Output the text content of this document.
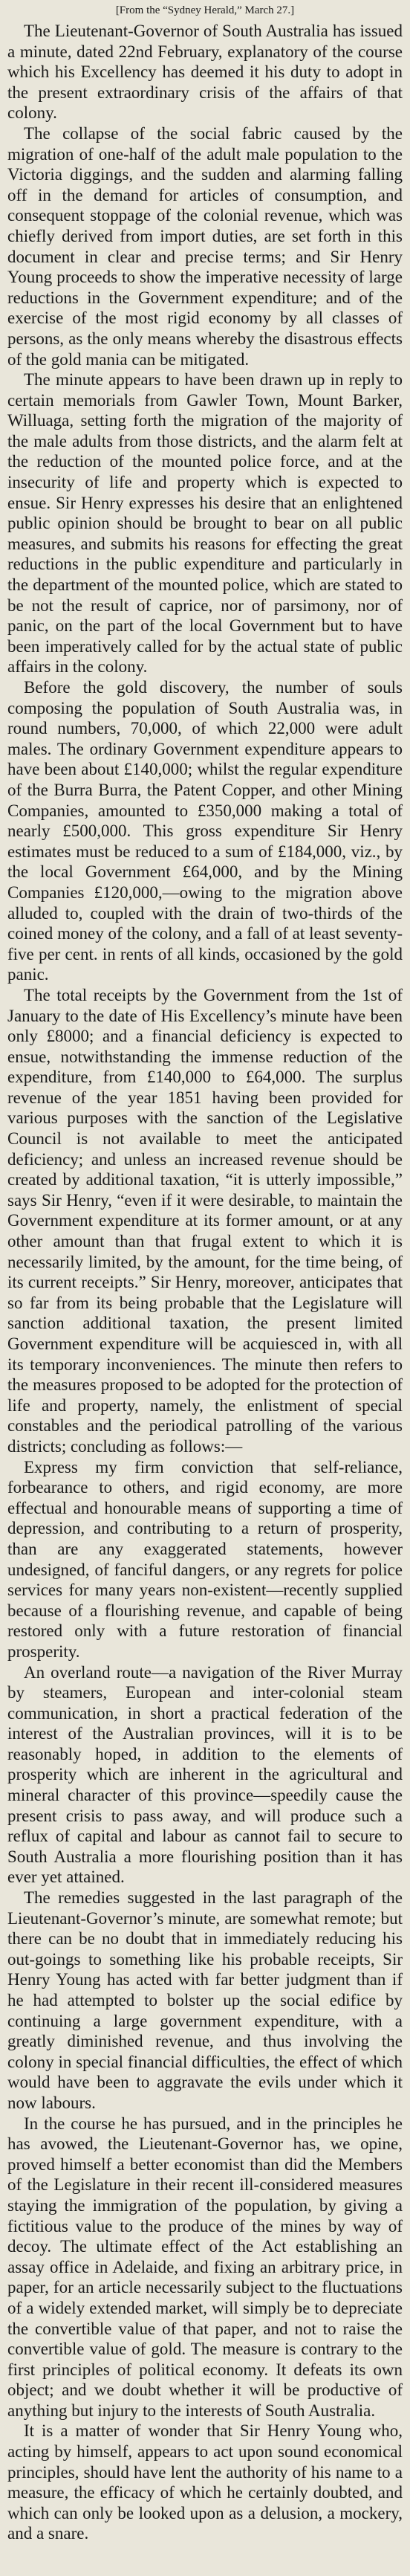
[From the “Sydney Herald,” March 27.]

The Lieutenant-Governor of South Australia has issued a minute, dated 22nd February, explanatory of the course which his Excellency has deemed it his duty to adopt in the present extraordinary crisis of the affairs of that colony.

The collapse of the social fabric caused by the migration of one-half of the adult male population to the Victoria diggings, and the sudden and alarming falling off in the demand for articles of consumption, and consequent stoppage of the colonial revenue, which was chiefly derived from import duties, are set forth in this document in clear and precise terms; and Sir Henry Young proceeds to show the imperative necessity of large reductions in the Government expenditure; and of the exercise of the most rigid economy by all classes of persons, as the only means whereby the disastrous effects of the gold mania can be mitigated.

The minute appears to have been drawn up in reply to certain memorials from Gawler Town, Mount Barker, Willuaga, setting forth the migration of the majority of the male adults from those districts, and the alarm felt at the reduction of the mounted police force, and at the insecurity of life and property which is expected to ensue. Sir Henry expresses his desire that an enlightened public opinion should be brought to bear on all public measures, and submits his reasons for effecting the great reductions in the public expenditure and particularly in the department of the mounted police, which are stated to be not the result of caprice, nor of parsimony, nor of panic, on the part of the local Government but to have been imperatively called for by the actual state of public affairs in the colony.

Before the gold discovery, the number of souls composing the population of South Australia was, in round numbers, 70,000, of which 22,000 were adult males. The ordinary Government expenditure appears to have been about £140,000; whilst the regular expenditure of the Burra Burra, the Patent Copper, and other Mining Companies, amounted to £350,000 making a total of nearly £500,000. This gross expenditure Sir Henry estimates must be reduced to a sum of £184,000, viz., by the local Government £64,000, and by the Mining Companies £120,000,—owing to the migration above alluded to, coupled with the drain of two-thirds of the coined money of the colony, and a fall of at least seventy-five per cent. in rents of all kinds, occasioned by the gold panic.

The total receipts by the Government from the 1st of January to the date of His Excellency’s minute have been only £8000; and a financial deficiency is expected to ensue, notwithstanding the immense reduction of the expenditure, from £140,000 to £64,000. The surplus revenue of the year 1851 having been provided for various purposes with the sanction of the Legislative Council is not available to meet the anticipated deficiency; and unless an increased revenue should be created by additional taxation, “it is utterly impossible,” says Sir Henry, “even if it were desirable, to maintain the Government expenditure at its former amount, or at any other amount than that frugal extent to which it is necessarily limited, by the amount, for the time being, of its current receipts.” Sir Henry, moreover, anticipates that so far from its being probable that the Legislature will sanction additional taxation, the present limited Government expenditure will be acquiesced in, with all its temporary inconveniences. The minute then refers to the measures proposed to be adopted for the protection of life and property, namely, the enlistment of special constables and the periodical patrolling of the various districts; concluding as follows:—

Express my firm conviction that self-reliance, forbearance to others, and rigid economy, are more effectual and honourable means of supporting a time of depression, and contributing to a return of prosperity, than are any exaggerated statements, however undesigned, of fanciful dangers, or any regrets for police services for many years non-existent—recently supplied because of a flourishing revenue, and capable of being restored only with a future restoration of financial prosperity.

An overland route—a navigation of the River Murray by steamers, European and inter-colonial steam communication, in short a practical federation of the interest of the Australian provinces, will it is to be reasonably hoped, in addition to the elements of prosperity which are inherent in the agricultural and mineral character of this province—speedily cause the present crisis to pass away, and will produce such a reflux of capital and labour as cannot fail to secure to South Australia a more flourishing position than it has ever yet attained.

The remedies suggested in the last paragraph of the Lieutenant-Governor’s minute, are somewhat remote; but there can be no doubt that in immediately reducing his out-goings to something like his probable receipts, Sir Henry Young has acted with far better judgment than if he had attempted to bolster up the social edifice by continuing a large government expenditure, with a greatly diminished revenue, and thus involving the colony in special financial difficulties, the effect of which would have been to aggravate the evils under which it now labours.

In the course he has pursued, and in the principles he has avowed, the Lieutenant-Governor has, we opine, proved himself a better economist than did the Members of the Legislature in their recent ill-considered measures staying the immigration of the population, by giving a fictitious value to the produce of the mines by way of decoy. The ultimate effect of the Act establishing an assay office in Adelaide, and fixing an arbitrary price, in paper, for an article necessarily subject to the fluctuations of a widely extended market, will simply be to depreciate the convertible value of that paper, and not to raise the convertible value of gold. The measure is contrary to the first principles of political economy. It defeats its own object; and we doubt whether it will be productive of anything but injury to the interests of South Australia.

It is a matter of wonder that Sir Henry Young who, acting by himself, appears to act upon sound economical principles, should have lent the authority of his name to a measure, the efficacy of which he certainly doubted, and which can only be looked upon as a delusion, a mockery, and a snare.
